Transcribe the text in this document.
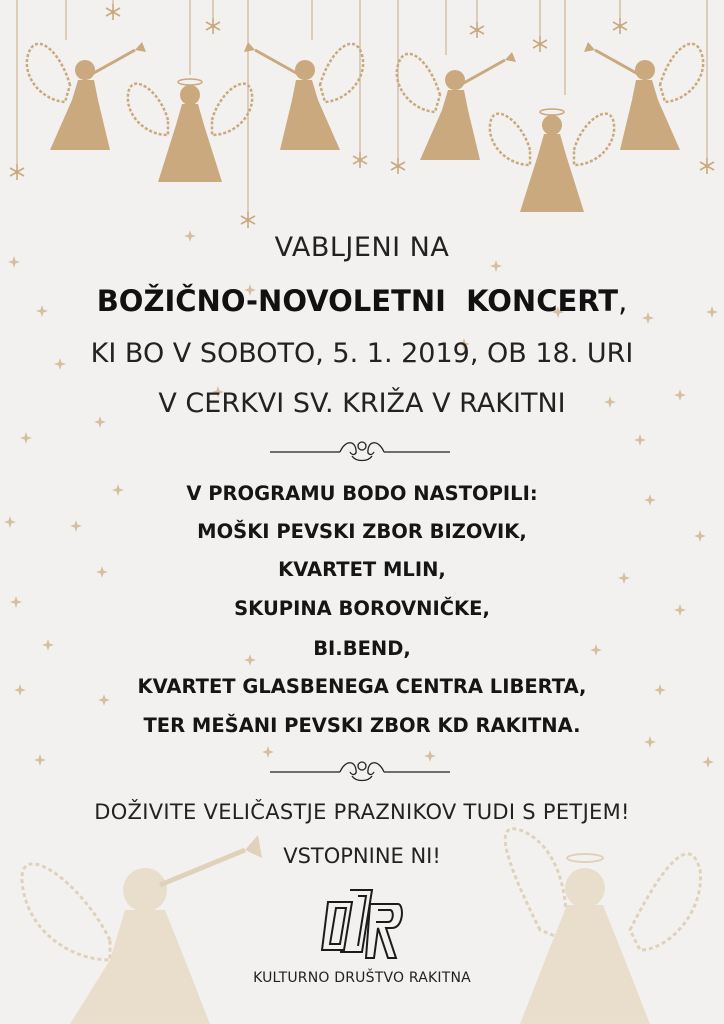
VABLJENI NA
BOŽIČNO-NOVOLETNI  KONCERT,
KI BO V SOBOTO, 5. 1. 2019, OB 18. URI
V CERKVI SV. KRIŽA V RAKITNI
V PROGRAMU BODO NASTOPILI:
MOŠKI PEVSKI ZBOR BIZOVIK,
KVARTET MLIN,
SKUPINA BOROVNIČKE,
BI.BEND,
KVARTET GLASBENEGA CENTRA LIBERTA,
TER MEŠANI PEVSKI ZBOR KD RAKITNA.
DOŽIVITE VELIČASTJE PRAZNIKOV TUDI S PETJEM!
VSTOPNINE NI!
KULTURNO DRUŠTVO RAKITNA
